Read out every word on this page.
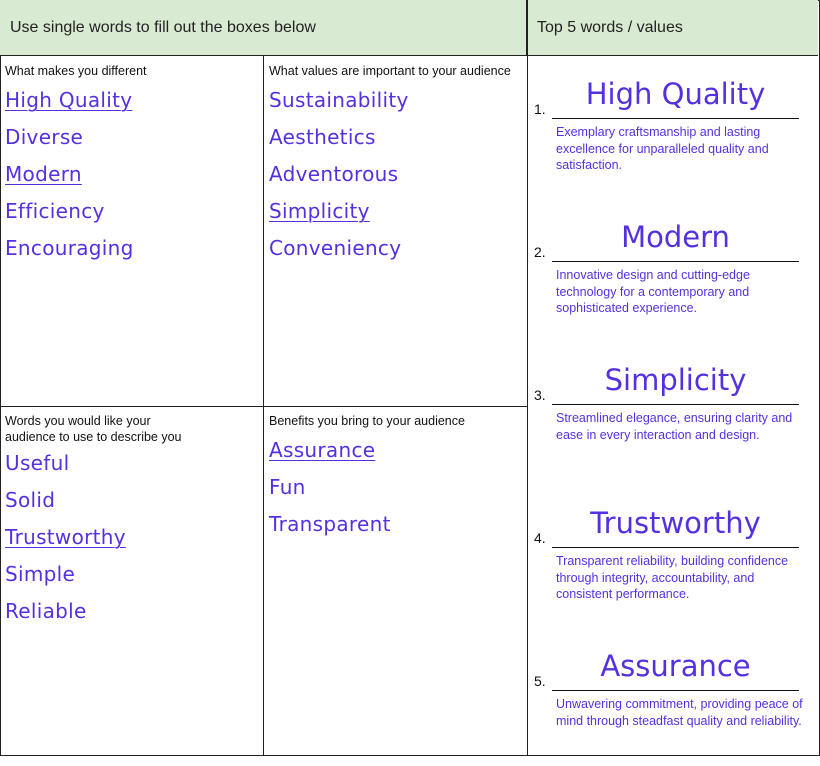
Use single words to fill out the boxes below	Top 5 words / values
What makes you different
High Quality
Diverse
Modern
Efficiency
Encouraging
What values are important to your audience
Sustainability
Aesthetics
Adventorous
Simplicity
Conveniency
Words you would like your audience to use to describe you
Useful
Solid
Trustworthy
Simple
Reliable
Benefits you bring to your audience
Assurance
Fun
Transparent
1.	High Quality
Exemplary craftsmanship and lasting excellence for unparalleled quality and satisfaction.
2.	Modern
Innovative design and cutting-edge technology for a contemporary and sophisticated experience.
3.	Simplicity
Streamlined elegance, ensuring clarity and ease in every interaction and design.
4.	Trustworthy
Transparent reliability, building confidence through integrity, accountability, and consistent performance.
5.	Assurance
Unwavering commitment, providing peace of mind through steadfast quality and reliability.
